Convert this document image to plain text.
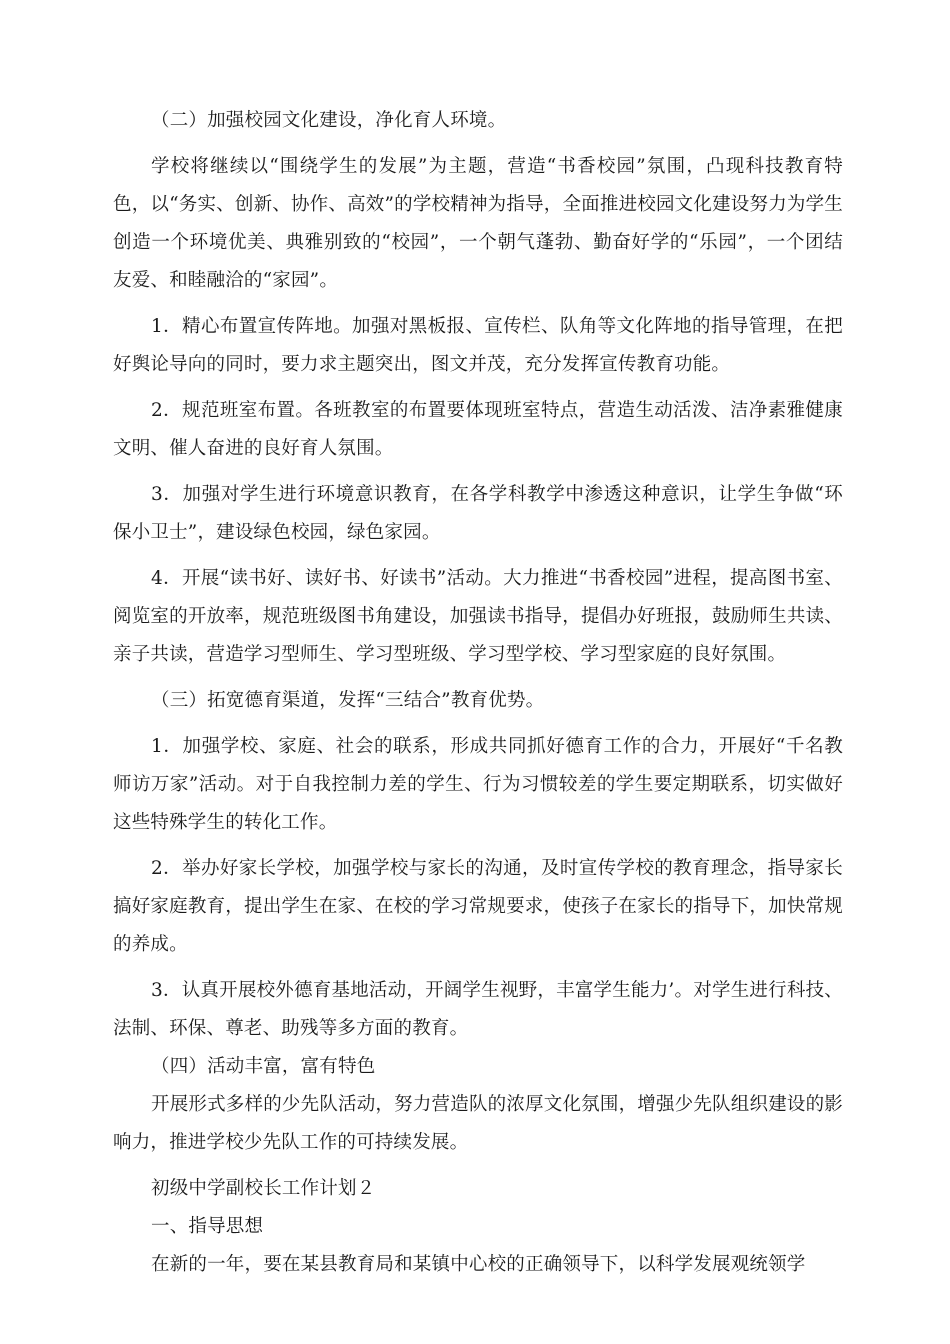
（二）加强校园文化建设，净化育人环境。

学校将继续以“围绕学生的发展”为主题，营造“书香校园”氛围，凸现科技教育特色，以“务实、创新、协作、高效”的学校精神为指导，全面推进校园文化建设努力为学生创造一个环境优美、典雅别致的“校园”，一个朝气蓬勃、勤奋好学的“乐园”，一个团结友爱、和睦融洽的“家园”。

1．精心布置宣传阵地。加强对黑板报、宣传栏、队角等文化阵地的指导管理，在把好舆论导向的同时，要力求主题突出，图文并茂，充分发挥宣传教育功能。

2．规范班室布置。各班教室的布置要体现班室特点，营造生动活泼、洁净素雅健康文明、催人奋进的良好育人氛围。

3．加强对学生进行环境意识教育，在各学科教学中渗透这种意识，让学生争做“环保小卫士”，建设绿色校园，绿色家园。

4．开展“读书好、读好书、好读书”活动。大力推进“书香校园”进程，提高图书室、阅览室的开放率，规范班级图书角建设，加强读书指导，提倡办好班报，鼓励师生共读、亲子共读，营造学习型师生、学习型班级、学习型学校、学习型家庭的良好氛围。

（三）拓宽德育渠道，发挥“三结合”教育优势。

1．加强学校、家庭、社会的联系，形成共同抓好德育工作的合力，开展好“千名教师访万家”活动。对于自我控制力差的学生、行为习惯较差的学生要定期联系，切实做好这些特殊学生的转化工作。

2．举办好家长学校，加强学校与家长的沟通，及时宣传学校的教育理念，指导家长搞好家庭教育，提出学生在家、在校的学习常规要求，使孩子在家长的指导下，加快常规的养成。

3．认真开展校外德育基地活动，开阔学生视野，丰富学生能力’。对学生进行科技、法制、环保、尊老、助残等多方面的教育。

（四）活动丰富，富有特色

开展形式多样的少先队活动，努力营造队的浓厚文化氛围，增强少先队组织建设的影响力，推进学校少先队工作的可持续发展。

初级中学副校长工作计划２

一、指导思想

在新的一年，要在某县教育局和某镇中心校的正确领导下，以科学发展观统领学
